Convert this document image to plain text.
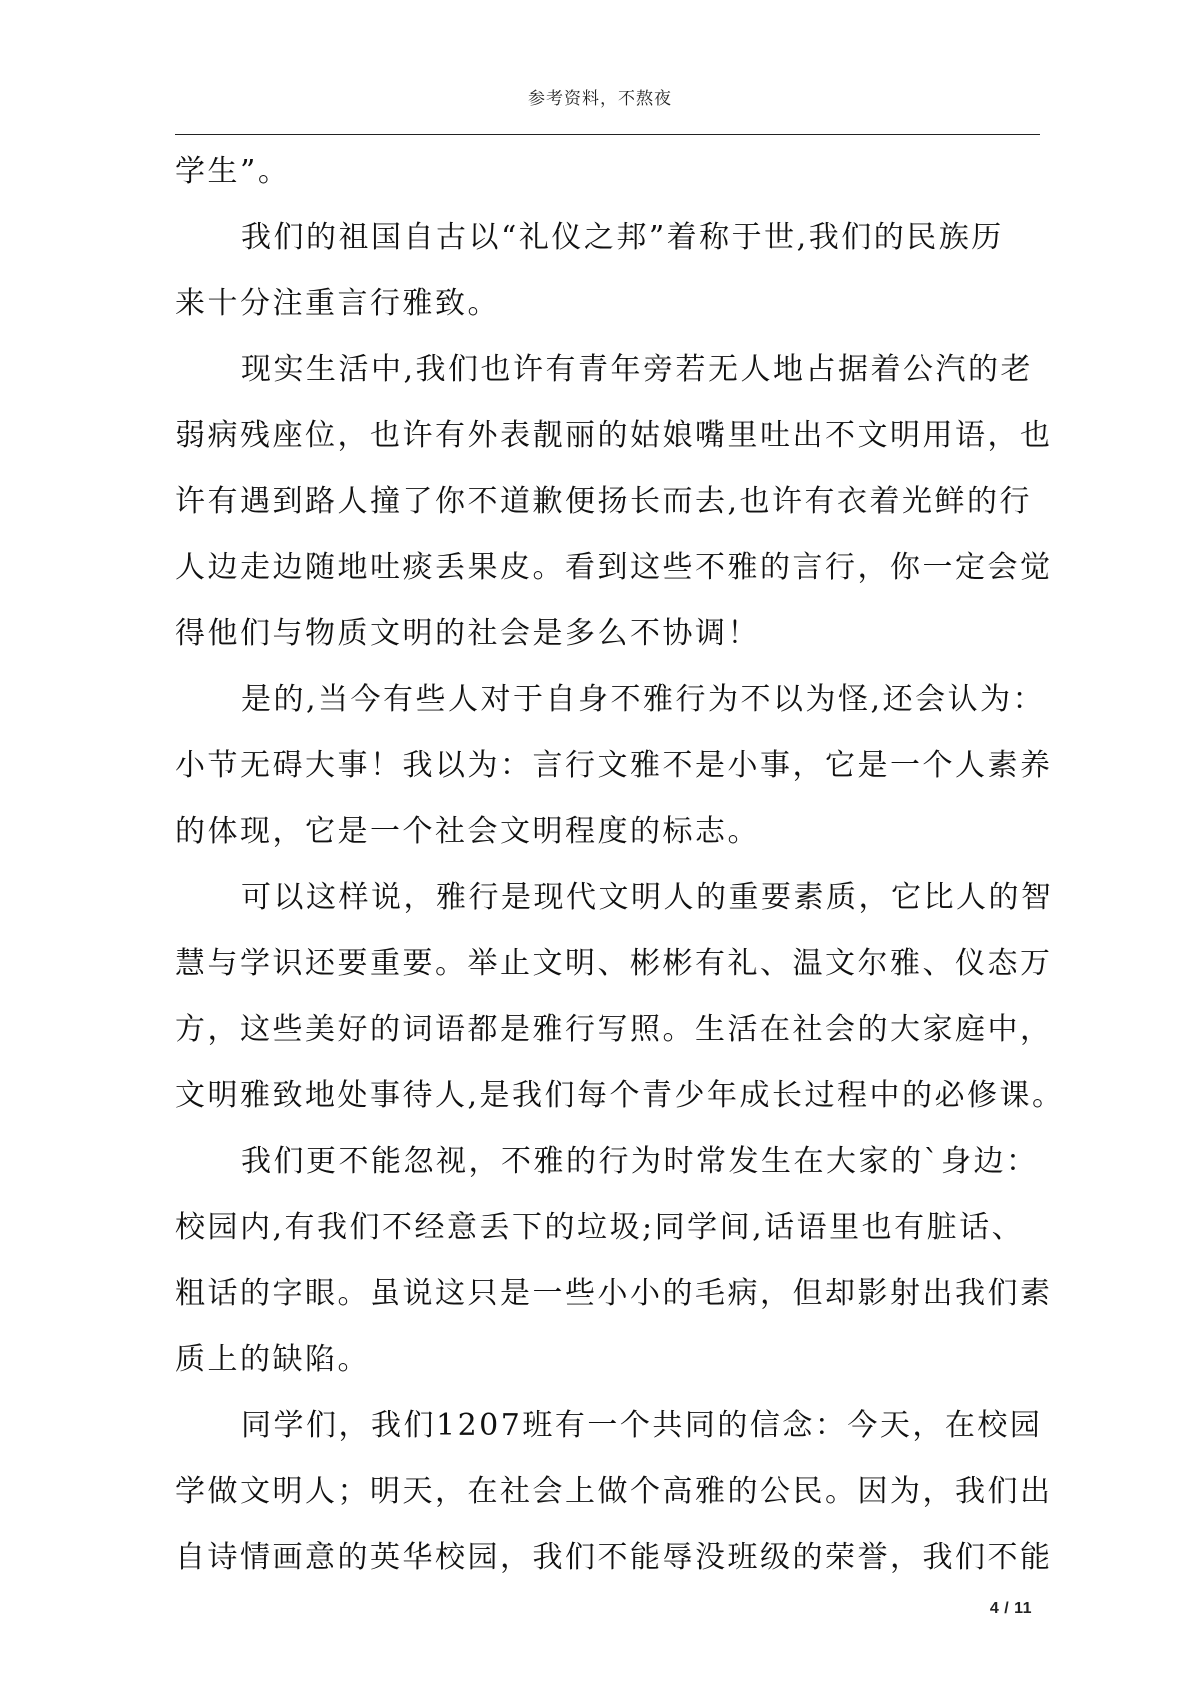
参考资料，不熬夜
学生”。
我们的祖国自古以“礼仪之邦”着称于世,我们的民族历
来十分注重言行雅致。
现实生活中,我们也许有青年旁若无人地占据着公汽的老
弱病残座位，也许有外表靓丽的姑娘嘴里吐出不文明用语，也
许有遇到路人撞了你不道歉便扬长而去,也许有衣着光鲜的行
人边走边随地吐痰丢果皮。看到这些不雅的言行，你一定会觉
得他们与物质文明的社会是多么不协调！
是的,当今有些人对于自身不雅行为不以为怪,还会认为：
小节无碍大事！我以为：言行文雅不是小事，它是一个人素养
的体现，它是一个社会文明程度的标志。
可以这样说，雅行是现代文明人的重要素质，它比人的智
慧与学识还要重要。举止文明、彬彬有礼、温文尔雅、仪态万
方，这些美好的词语都是雅行写照。生活在社会的大家庭中，
文明雅致地处事待人,是我们每个青少年成长过程中的必修课。
我们更不能忽视，不雅的行为时常发生在大家的`身边：
校园内,有我们不经意丢下的垃圾;同学间,话语里也有脏话、
粗话的字眼。虽说这只是一些小小的毛病，但却影射出我们素
质上的缺陷。
同学们，我们1207班有一个共同的信念：今天，在校园
学做文明人；明天，在社会上做个高雅的公民。因为，我们出
自诗情画意的英华校园，我们不能辱没班级的荣誉，我们不能
4 / 11
